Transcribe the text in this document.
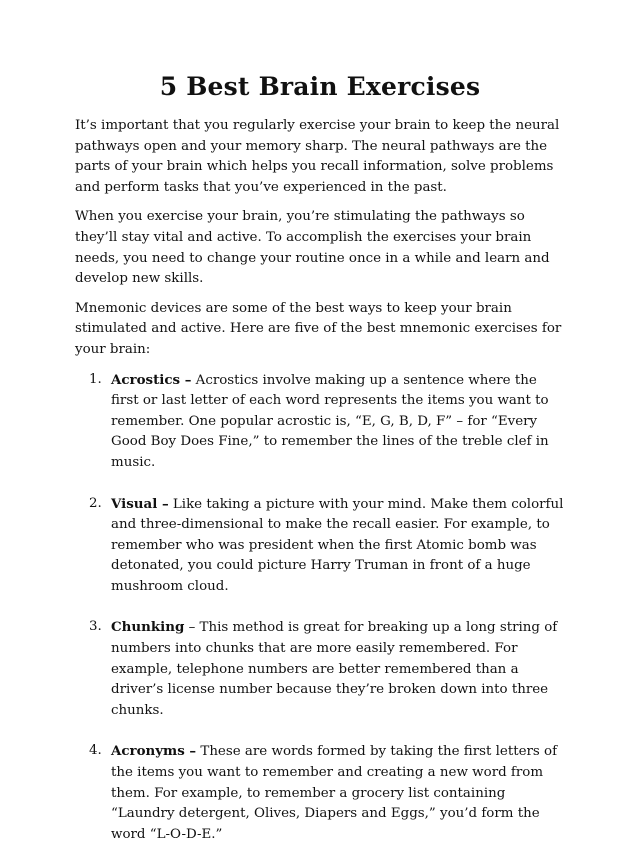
5 Best Brain Exercises

It’s important that you regularly exercise your brain to keep the neural pathways open and your memory sharp. The neural pathways are the parts of your brain which helps you recall information, solve problems and perform tasks that you’ve experienced in the past.

When you exercise your brain, you’re stimulating the pathways so they’ll stay vital and active. To accomplish the exercises your brain needs, you need to change your routine once in a while and learn and develop new skills.

Mnemonic devices are some of the best ways to keep your brain stimulated and active. Here are five of the best mnemonic exercises for your brain:

1. Acrostics – Acrostics involve making up a sentence where the first or last letter of each word represents the items you want to remember. One popular acrostic is, “E, G, B, D, F” – for “Every Good Boy Does Fine,” to remember the lines of the treble clef in music.
2. Visual – Like taking a picture with your mind. Make them colorful and three-dimensional to make the recall easier. For example, to remember who was president when the first Atomic bomb was detonated, you could picture Harry Truman in front of a huge mushroom cloud.
3. Chunking – This method is great for breaking up a long string of numbers into chunks that are more easily remembered. For example, telephone numbers are better remembered than a driver’s license number because they’re broken down into three chunks.
4. Acronyms – These are words formed by taking the first letters of the items you want to remember and creating a new word from them. For example, to remember a grocery list containing “Laundry detergent, Olives, Diapers and Eggs,” you’d form the word “L-O-D-E.”
